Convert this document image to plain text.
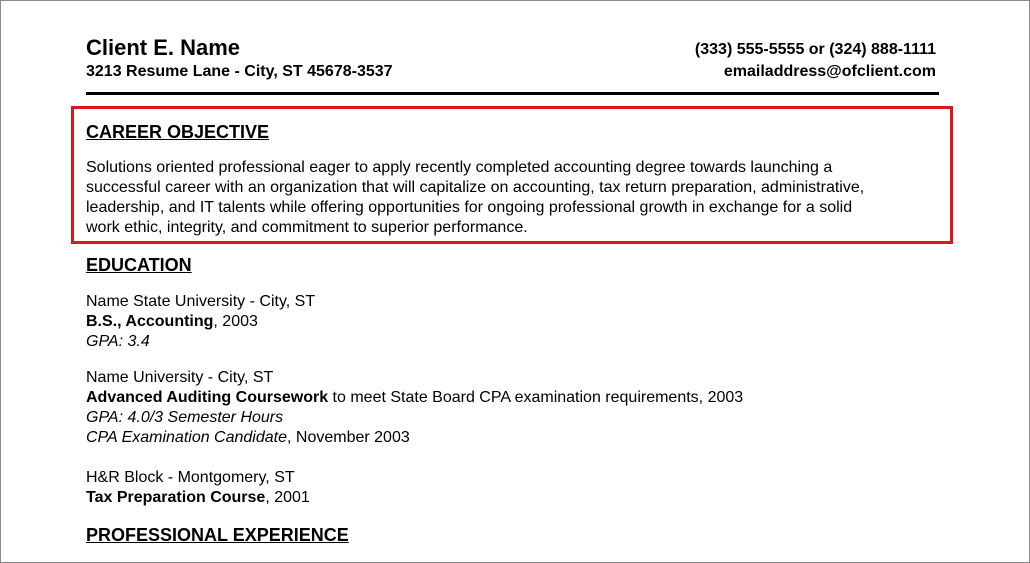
Client E. Name
3213 Resume Lane - City, ST 45678-3537
(333) 555-5555 or (324) 888-1111
emailaddress@ofclient.com
CAREER OBJECTIVE
Solutions oriented professional eager to apply recently completed accounting degree towards launching a
successful career with an organization that will capitalize on accounting, tax return preparation, administrative,
leadership, and IT talents while offering opportunities for ongoing professional growth in exchange for a solid
work ethic, integrity, and commitment to superior performance.
EDUCATION
Name State University - City, ST
B.S., Accounting, 2003
GPA: 3.4
Name University - City, ST
Advanced Auditing Coursework to meet State Board CPA examination requirements, 2003
GPA: 4.0/3 Semester Hours
CPA Examination Candidate, November 2003
H&R Block - Montgomery, ST
Tax Preparation Course, 2001
PROFESSIONAL EXPERIENCE
